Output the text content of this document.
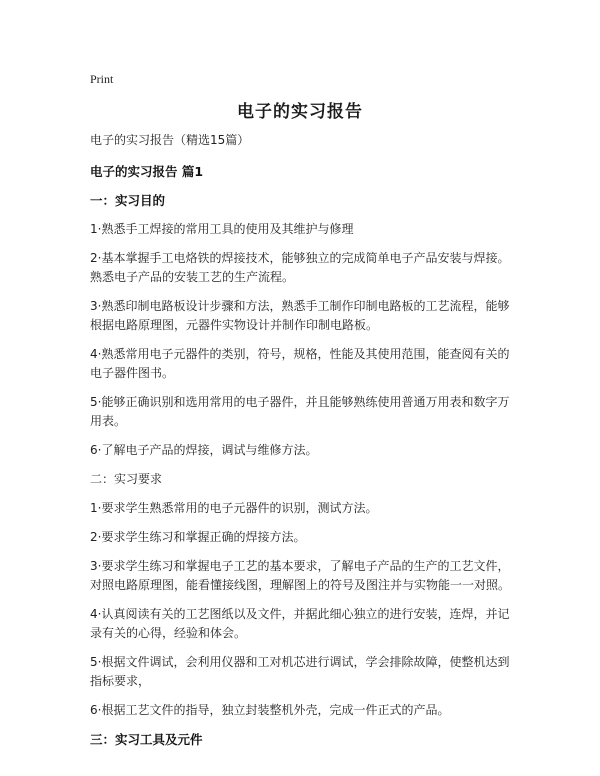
Print
电子的实习报告
电子的实习报告（精选15篇）
电子的实习报告 篇1
一：实习目的
1·熟悉手工焊接的常用工具的使用及其维护与修理
2·基本掌握手工电烙铁的焊接技术，能够独立的完成简单电子产品安装与焊接。熟悉电子产品的安装工艺的生产流程。
3·熟悉印制电路板设计步骤和方法，熟悉手工制作印制电路板的工艺流程，能够根据电路原理图，元器件实物设计并制作印制电路板。
4·熟悉常用电子元器件的类别，符号，规格，性能及其使用范围，能查阅有关的电子器件图书。
5·能够正确识别和选用常用的电子器件，并且能够熟练使用普通万用表和数字万用表。
6·了解电子产品的焊接，调试与维修方法。
二：实习要求
1·要求学生熟悉常用的电子元器件的识别，测试方法。
2·要求学生练习和掌握正确的焊接方法。
3·要求学生练习和掌握电子工艺的基本要求，了解电子产品的生产的工艺文件，对照电路原理图，能看懂接线图，理解图上的符号及图注并与实物能一一对照。
4·认真阅读有关的工艺图纸以及文件，并据此细心独立的进行安装，连焊，并记录有关的心得，经验和体会。
5·根据文件调试，会利用仪器和工对机芯进行调试，学会排除故障，使整机达到指标要求，
6·根据工艺文件的指导，独立封装整机外壳，完成一件正式的产品。
三：实习工具及元件
